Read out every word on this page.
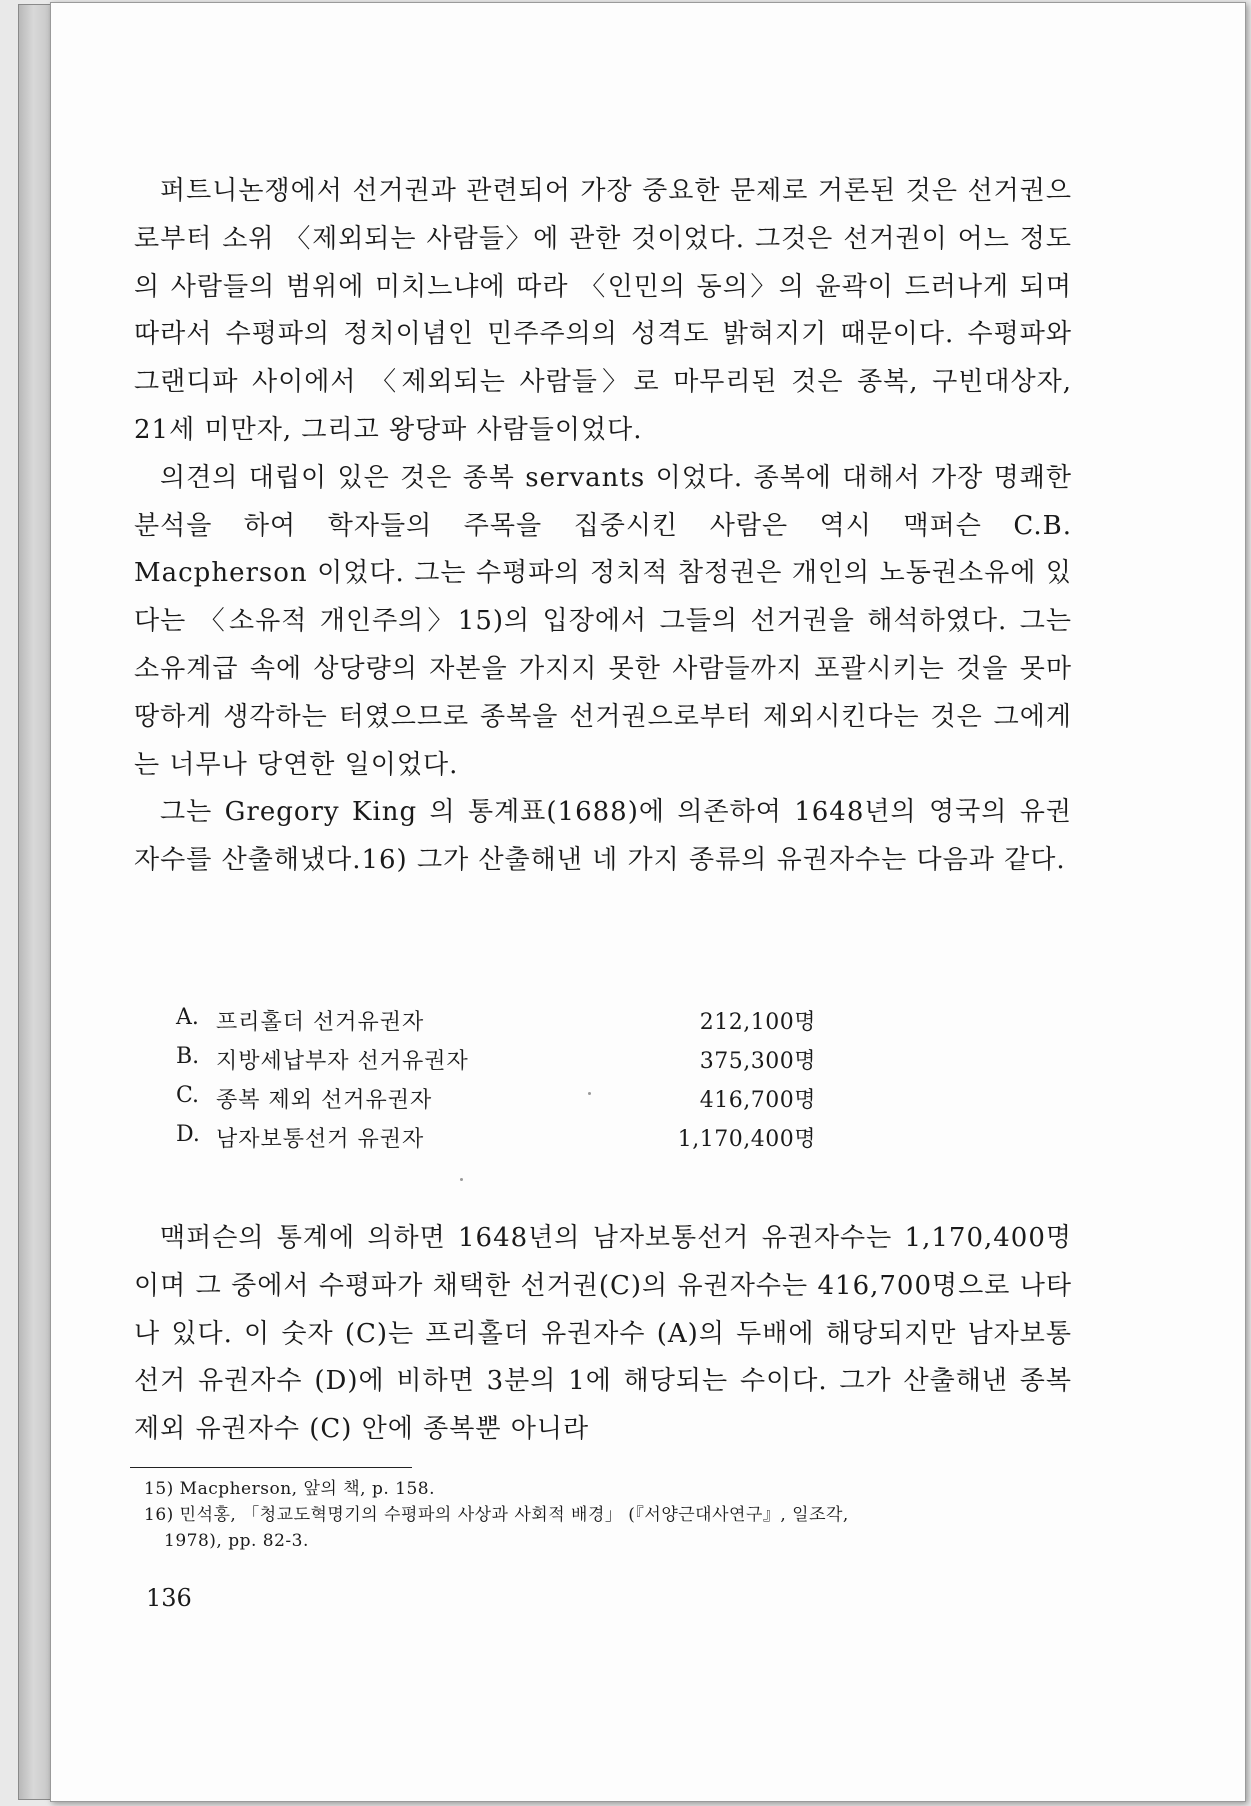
퍼트니논쟁에서 선거권과 관련되어 가장 중요한 문제로 거론된 것은 선거권으로부터 소위 〈제외되는 사람들〉에 관한 것이었다. 그것은 선거권이 어느 정도의 사람들의 범위에 미치느냐에 따라 〈인민의 동의〉의 윤곽이 드러나게 되며 따라서 수평파의 정치이념인 민주주의의 성격도 밝혀지기 때문이다. 수평파와 그랜디파 사이에서 〈제외되는 사람들〉로 마무리된 것은 종복, 구빈대상자, 21세 미만자, 그리고 왕당파 사람들이었다.

의견의 대립이 있은 것은 종복 servants 이었다. 종복에 대해서 가장 명쾌한 분석을 하여 학자들의 주목을 집중시킨 사람은 역시 맥퍼슨 C.B. Macpherson 이었다. 그는 수평파의 정치적 참정권은 개인의 노동권소유에 있다는 〈소유적 개인주의〉15)의 입장에서 그들의 선거권을 해석하였다. 그는 소유계급 속에 상당량의 자본을 가지지 못한 사람들까지 포괄시키는 것을 못마땅하게 생각하는 터였으므로 종복을 선거권으로부터 제외시킨다는 것은 그에게는 너무나 당연한 일이었다.

그는 Gregory King 의 통계표(1688)에 의존하여 1648년의 영국의 유권자수를 산출해냈다.16) 그가 산출해낸 네 가지 종류의 유권자수는 다음과 같다.

A. 프리홀더 선거유권자	212,100명
B. 지방세납부자 선거유권자	375,300명
C. 종복 제외 선거유권자	416,700명
D. 남자보통선거 유권자	1,170,400명

맥퍼슨의 통계에 의하면 1648년의 남자보통선거 유권자수는 1,170,400명이며 그 중에서 수평파가 채택한 선거권(C)의 유권자수는 416,700명으로 나타나 있다. 이 숫자 (C)는 프리홀더 유권자수 (A)의 두배에 해당되지만 남자보통선거 유권자수 (D)에 비하면 3분의 1에 해당되는 수이다. 그가 산출해낸 종복 제외 유권자수 (C) 안에 종복뿐 아니라

15) Macpherson, 앞의 책, p. 158.

16) 민석홍, 「청교도혁명기의 수평파의 사상과 사회적 배경」 (『서양근대사연구』, 일조각,
1978), pp. 82-3.

136
